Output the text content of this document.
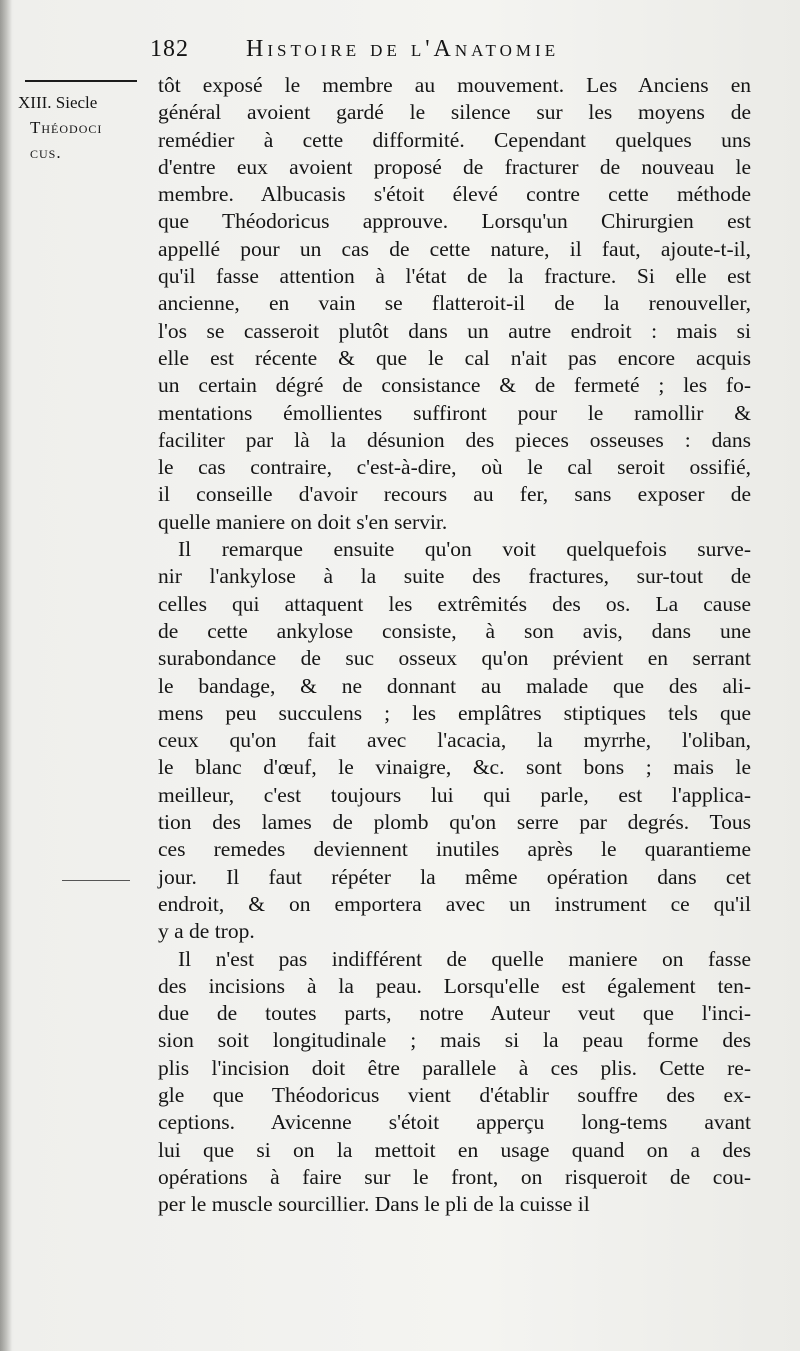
182 Histoire de l'Anatomie
XIII. Siecle
Théodoci
cus.
tôt exposé le membre au mouvement. Les Anciens en
général avoient gardé le silence sur les moyens de
remédier à cette difformité. Cependant quelques uns
d'entre eux avoient proposé de fracturer de nouveau le
membre. Albucasis s'étoit élevé contre cette méthode
que Théodoricus approuve. Lorsqu'un Chirurgien est
appellé pour un cas de cette nature, il faut, ajoute-t-il,
qu'il fasse attention à l'état de la fracture. Si elle est
ancienne, en vain se flatteroit-il de la renouveller,
l'os se casseroit plutôt dans un autre endroit : mais si
elle est récente & que le cal n'ait pas encore acquis
un certain dégré de consistance & de fermeté ; les fo-
mentations émollientes suffiront pour le ramollir &
faciliter par là la désunion des pieces osseuses : dans
le cas contraire, c'est-à-dire, où le cal seroit ossifié,
il conseille d'avoir recours au fer, sans exposer de
quelle maniere on doit s'en servir.
Il remarque ensuite qu'on voit quelquefois surve-
nir l'ankylose à la suite des fractures, sur-tout de
celles qui attaquent les extrêmités des os. La cause
de cette ankylose consiste, à son avis, dans une
surabondance de suc osseux qu'on prévient en serrant
le bandage, & ne donnant au malade que des ali-
mens peu succulens ; les emplâtres stiptiques tels que
ceux qu'on fait avec l'acacia, la myrrhe, l'oliban,
le blanc d'œuf, le vinaigre, &c. sont bons ; mais le
meilleur, c'est toujours lui qui parle, est l'applica-
tion des lames de plomb qu'on serre par degrés. Tous
ces remedes deviennent inutiles après le quarantieme
jour. Il faut répéter la même opération dans cet
endroit, & on emportera avec un instrument ce qu'il
y a de trop.
Il n'est pas indifférent de quelle maniere on fasse
des incisions à la peau. Lorsqu'elle est également ten-
due de toutes parts, notre Auteur veut que l'inci-
sion soit longitudinale ; mais si la peau forme des
plis l'incision doit être parallele à ces plis. Cette re-
gle que Théodoricus vient d'établir souffre des ex-
ceptions. Avicenne s'étoit apperçu long-tems avant
lui que si on la mettoit en usage quand on a des
opérations à faire sur le front, on risqueroit de cou-
per le muscle sourcillier. Dans le pli de la cuisse il
